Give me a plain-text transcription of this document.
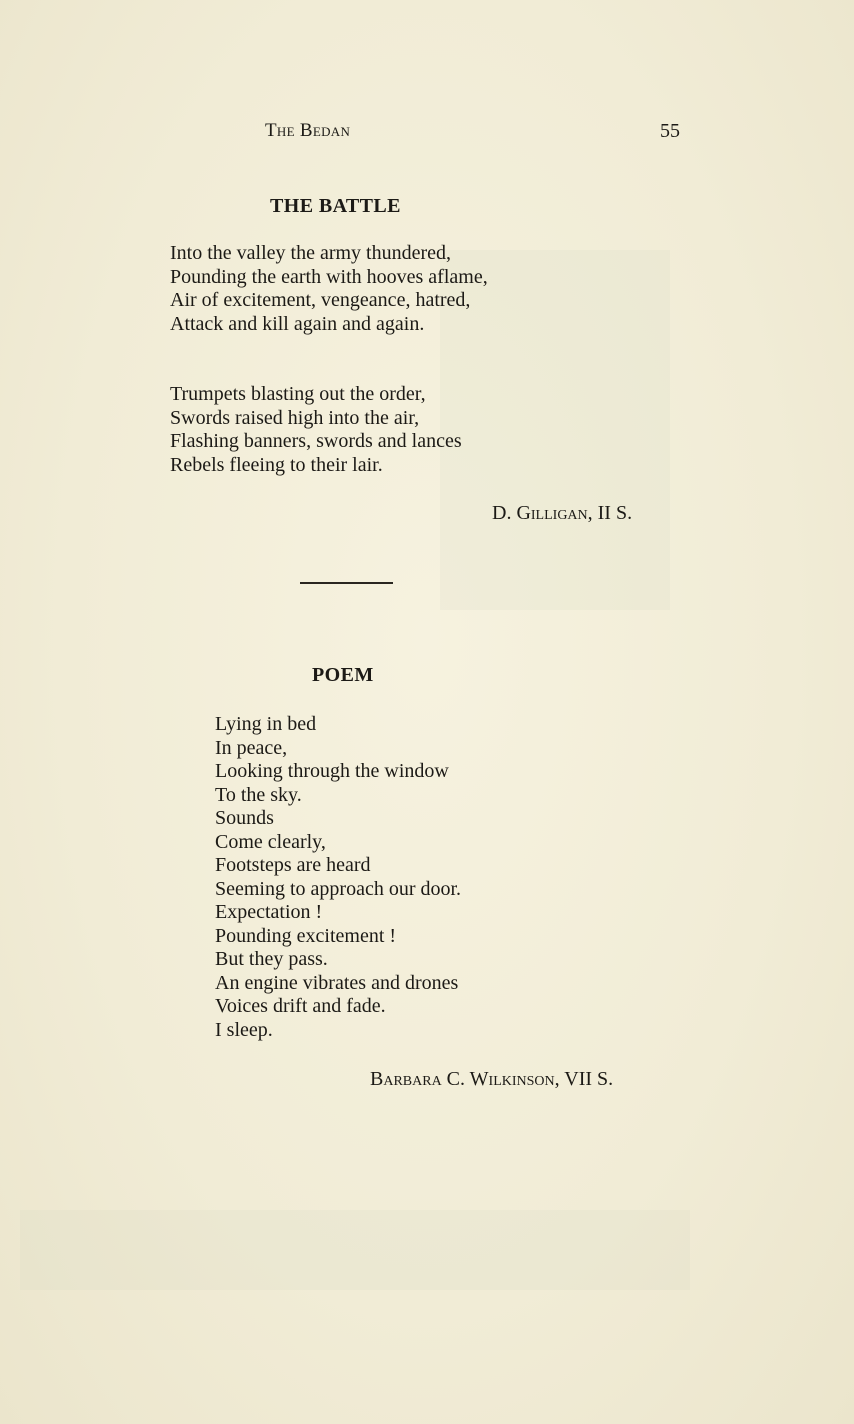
The Bedan	55
THE BATTLE
Into the valley the army thundered,
Pounding the earth with hooves aflame,
Air of excitement, vengeance, hatred,
Attack and kill again and again.
Trumpets blasting out the order,
Swords raised high into the air,
Flashing banners, swords and lances
Rebels fleeing to their lair.
D. Gilligan, II S.
POEM
Lying in bed
In peace,
Looking through the window
To the sky.
Sounds
Come clearly,
Footsteps are heard
Seeming to approach our door.
Expectation !
Pounding excitement !
But they pass.
An engine vibrates and drones
Voices drift and fade.
I sleep.
Barbara C. Wilkinson, VII S.
